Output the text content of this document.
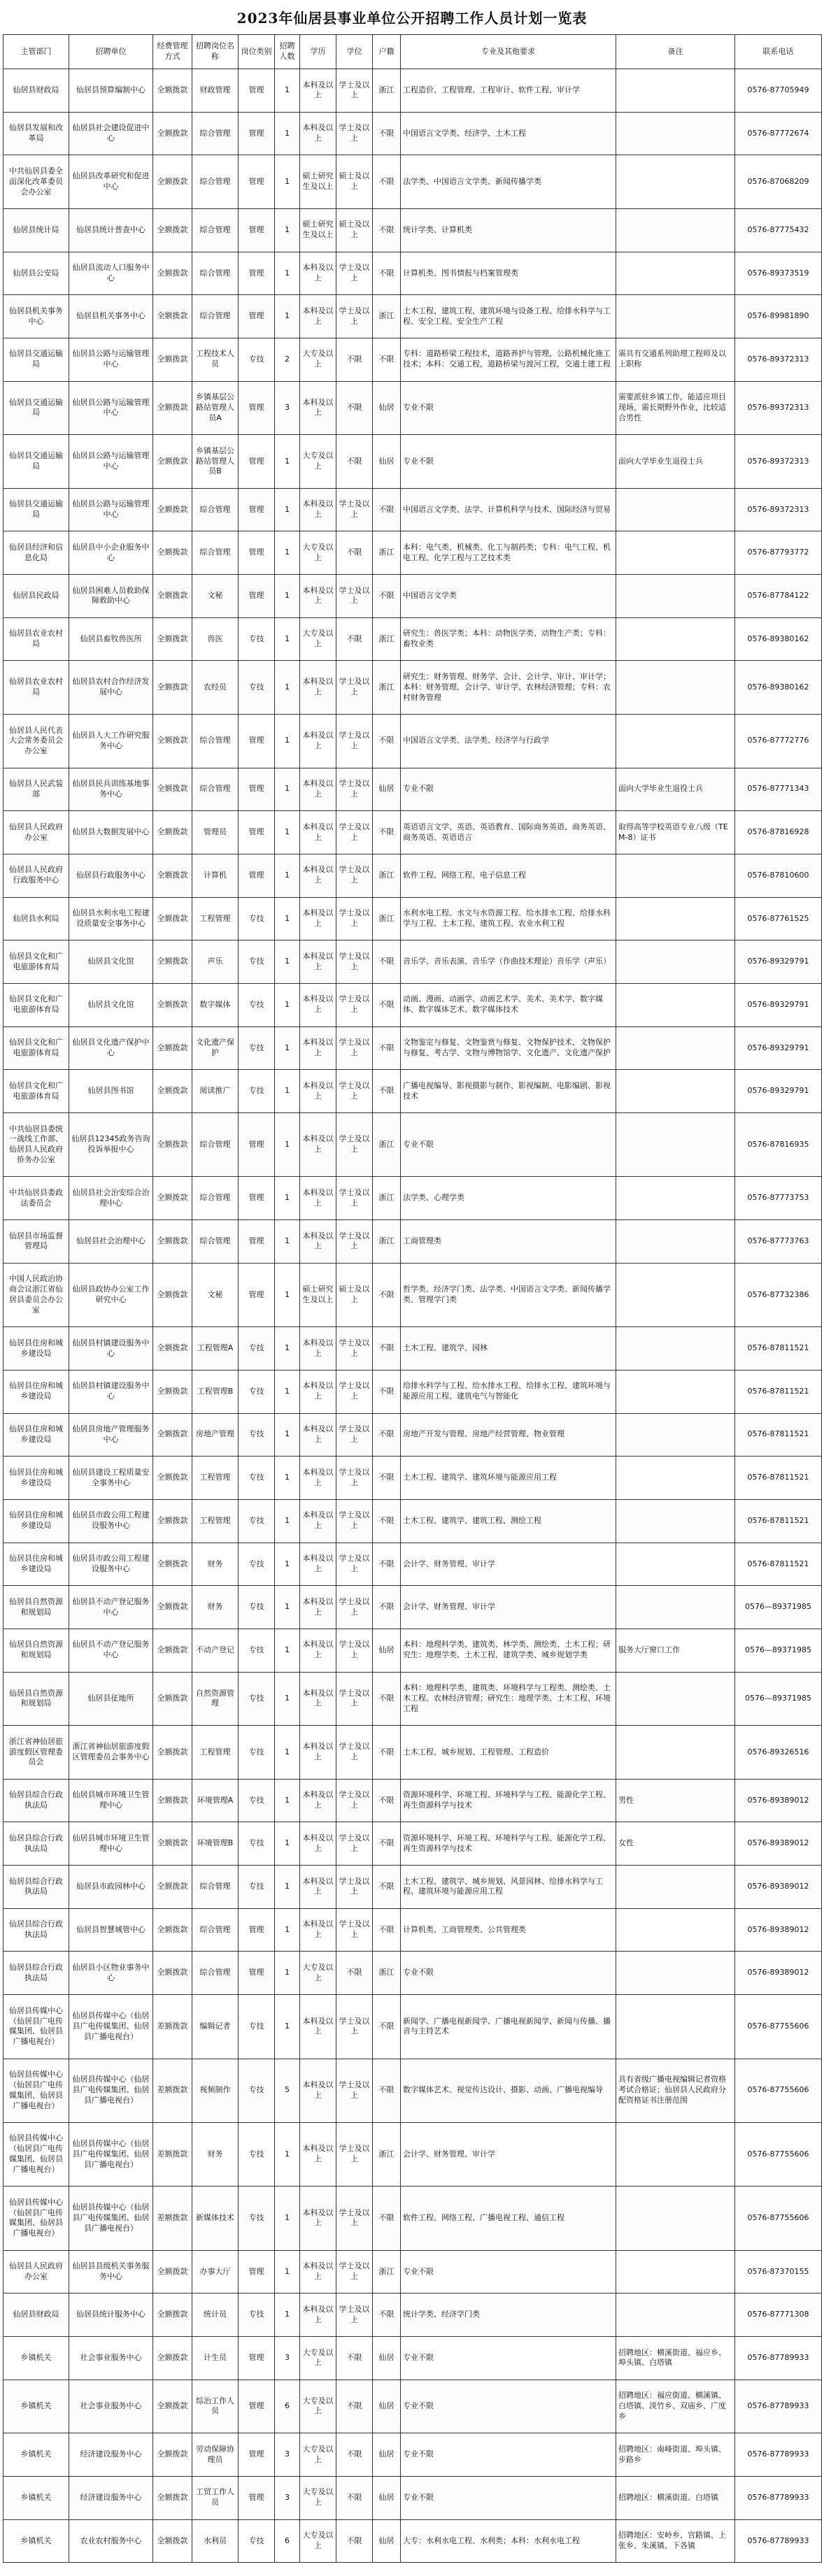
2023年仙居县事业单位公开招聘工作人员计划一览表
主管部门	招聘单位	经费管理方式	招聘岗位名称	岗位类别	招聘人数	学历	学位	户籍	专业及其他要求	备注	联系电话
仙居县财政局	仙居县预算编制中心	全额拨款	财政管理	管理	1	本科及以上	学士及以上	浙江	工程造价、工程管理、工程审计、软件工程、审计学		0576-87705949
仙居县发展和改革局	仙居县社会建设促进中心	全额拨款	综合管理	管理	1	本科及以上	学士及以上	不限	中国语言文学类、经济学、土木工程		0576-87772674
中共仙居县委全面深化改革委员会办公室	仙居县改革研究和促进中心	全额拨款	综合管理	管理	1	硕士研究生及以上	硕士及以上	不限	法学类、中国语言文学类、新闻传播学类		0576-87068209
仙居县统计局	仙居县统计普查中心	全额拨款	综合管理	管理	1	硕士研究生及以上	硕士及以上	不限	统计学类、计算机类		0576-87775432
仙居县公安局	仙居县流动人口服务中心	全额拨款	综合管理	管理	1	本科及以上	学士及以上	不限	计算机类、图书情报与档案管理类		0576-89373519
仙居县机关事务中心	仙居县机关事务中心	全额拨款	综合管理	管理	1	本科及以上	学士及以上	浙江	土木工程、建筑工程、建筑环境与设备工程、给排水科学与工程、安全工程、安全生产工程		0576-89981890
仙居县交通运输局	仙居县公路与运输管理中心	全额拨款	工程技术人员	专技	2	大专及以上	不限	不限	专科：道路桥梁工程技术，道路养护与管理，公路机械化施工技术；本科：交通工程，道路桥梁与渡河工程，交通土建工程	需具有交通系列助理工程师及以上职称	0576-89372313
仙居县交通运输局	仙居县公路与运输管理中心	全额拨款	乡镇基层公路站管理人员A	管理	3	本科及以上	不限	仙居	专业不限	需要派驻乡镇工作，能适应项目现场，需长期野外作业，比较适合男性	0576-89372313
仙居县交通运输局	仙居县公路与运输管理中心	全额拨款	乡镇基层公路站管理人员B	管理	1	大专及以上	不限	仙居	专业不限	面向大学毕业生退役士兵	0576-89372313
仙居县交通运输局	仙居县公路与运输管理中心	全额拨款	综合管理	管理	1	本科及以上	学士及以上	不限	中国语言文学类、法学、计算机科学与技术、国际经济与贸易		0576-89372313
仙居县经济和信息化局	仙居县中小企业服务中心	全额拨款	综合管理	管理	1	大专及以上	不限	浙江	本科：电气类、机械类、化工与制药类；专科：电气工程、机电工程、化学工程与工艺技术类		0576-87793772
仙居县民政局	仙居县困难人员救助保障救助中心	全额拨款	文秘	管理	1	本科及以上	学士及以上	不限	中国语言文学类		0576-87784122
仙居县农业农村局	仙居县畜牧兽医所	全额拨款	兽医	专技	1	大专及以上	不限	浙江	研究生：兽医学类；本科：动物医学类、动物生产类；专科：畜牧业类		0576-89380162
仙居县农业农村局	仙居县农村合作经济发展中心	全额拨款	农经员	专技	1	本科及以上	学士及以上	浙江	研究生：财务管理、财务学、会计、会计学、审计、审计学；本科：财务管理、会计学、审计学、农林经济管理；专科：农村财务管理		0576-89380162
仙居县人民代表大会常务委员会办公室	仙居县人大工作研究服务中心	全额拨款	综合管理	管理	1	本科及以上	学士及以上	不限	中国语言文学类、法学类、经济学与行政学		0576-87772776
仙居县人民武装部	仙居县民兵训练基地事务中心	全额拨款	综合管理	管理	1	本科及以上	学士及以上	仙居	专业不限	面向大学毕业生退役士兵	0576-87771343
仙居县人民政府办公室	仙居县大数据发展中心	全额拨款	管理员	管理	1	本科及以上	学士及以上	不限	英语语言文学、英语、英语教育、国际商务英语、商务英语、商务英语、英语语言	取得高等学校英语专业八级（TEM-8）证书	0576-87816928
仙居县人民政府行政服务中心	仙居县行政服务中心	全额拨款	计算机	管理	1	本科及以上	学士及以上	浙江	软件工程、网络工程、电子信息工程		0576-87810600
仙居县水利局	仙居县水利水电工程建设质量安全事务中心	全额拨款	工程管理	专技	1	本科及以上	学士及以上	浙江	水利水电工程、水文与水资源工程、给水排水工程、给排水科学与工程、土木工程、建筑工程、农业水利工程		0576-87761525
仙居县文化和广电旅游体育局	仙居县文化馆	全额拨款	声乐	专技	1	本科及以上	学士及以上	不限	音乐学、音乐表演、音乐学（作曲技术理论）音乐学（声乐）		0576-89329791
仙居县文化和广电旅游体育局	仙居县文化馆	全额拨款	数字媒体	专技	1	本科及以上	学士及以上	不限	动画、漫画、动画学、动画艺术学、美术、美术学、数字媒体、数字媒体艺术、数字媒体技术		0576-89329791
仙居县文化和广电旅游体育局	仙居县文化遗产保护中心	全额拨款	文化遗产保护	专技	1	本科及以上	学士及以上	不限	文物鉴定与修复、文物鉴赏与修复、文物保护技术、文物保护与修复、考古学、文物与博物馆学、文化遗产、文化遗产保护		0576-89329791
仙居县文化和广电旅游体育局	仙居县图书馆	全额拨款	阅读推广	专技	1	本科及以上	学士及以上	不限	广播电视编导、影视摄影与制作、影视编制、电影编剧、影视技术		0576-89329791
中共仙居县委统一战线工作部、仙居县人民政府侨务办公室	仙居县12345政务咨询投诉举报中心	全额拨款	综合管理	管理	1	本科及以上	学士及以上	浙江	专业不限		0576-87816935
中共仙居县委政法委员会	仙居县社会治安综合治理中心	全额拨款	综合管理	管理	1	本科及以上	学士及以上	浙江	法学类、心理学类		0576-87773753
仙居县市场监督管理局	仙居县社会治理中心	全额拨款	综合管理	管理	1	本科及以上	学士及以上	浙江	工商管理类		0576-87773763
中国人民政治协商会议浙江省仙居县委员会办公室	仙居县政协办公室工作研究中心	全额拨款	文秘	管理	1	硕士研究生及以上	硕士及以上	不限	哲学类、经济学门类、法学类、中国语言文学类、新闻传播学类、管理学门类		0576-87732386
仙居县住房和城乡建设局	仙居县村镇建设服务中心	全额拨款	工程管理A	专技	1	本科及以上	学士及以上	不限	土木工程、建筑学、园林		0576-87811521
仙居县住房和城乡建设局	仙居县村镇建设服务中心	全额拨款	工程管理B	专技	1	本科及以上	学士及以上	不限	给排水科学与工程、给水排水工程、给排水工程、建筑环境与能源应用工程、建筑电气与智能化		0576-87811521
仙居县住房和城乡建设局	仙居县房地产管理服务中心	全额拨款	房地产管理	专技	1	本科及以上	学士及以上	不限	房地产开发与管理、房地产经营管理、物业管理		0576-87811521
仙居县住房和城乡建设局	仙居县建设工程质量安全事务中心	全额拨款	工程管理	专技	1	本科及以上	学士及以上	不限	土木工程、建筑学、建筑环境与能源应用工程		0576-87811521
仙居县住房和城乡建设局	仙居县市政公用工程建设服务中心	全额拨款	工程管理	专技	1	本科及以上	学士及以上	不限	土木工程、建筑学、建筑工程、测绘工程		0576-87811521
仙居县住房和城乡建设局	仙居县市政公用工程建设服务中心	全额拨款	财务	专技	1	本科及以上	学士及以上	不限	会计学、财务管理、审计学		0576-87811521
仙居县自然资源和规划局	仙居县不动产登记服务中心	全额拨款	财务	专技	1	本科及以上	学士及以上	不限	会计学、财务管理、审计学		0576—89371985
仙居县自然资源和规划局	仙居县不动产登记服务中心	全额拨款	不动产登记	专技	1	本科及以上	学士及以上	仙居	本科：地理科学类、建筑类、林学类、测绘类、土木工程；研究生：地理学类、土木工程、建筑学类、城乡规划学类	服务大厅窗口工作	0576—89371985
仙居县自然资源和规划局	仙居县征地所	全额拨款	自然资源管理	专技	1	本科及以上	学士及以上	不限	本科：地理科学类、建筑类、环境科学与工程类、测绘类、土木工程、农林经济管理；研究生：地理学类、土木工程、环境工程		0576—89371985
浙江省神仙居旅游度假区管理委员会	浙江省神仙居旅游度假区管理委员会事务中心	全额拨款	工程管理	专技	1	本科及以上	学士及以上	不限	土木工程、城乡规划、工程管理、工程造价		0576-89326516
仙居县综合行政执法局	仙居县城市环境卫生管理中心	全额拨款	环境管理A	专技	1	本科及以上	学士及以上	不限	资源环境科学、环境工程、环境科学与工程、能源化学工程、再生资源科学与技术	男性	0576-89389012
仙居县综合行政执法局	仙居县城市环境卫生管理中心	全额拨款	环境管理B	专技	1	本科及以上	学士及以上	不限	资源环境科学、环境工程、环境科学与工程、能源化学工程、再生资源科学与技术	女性	0576-89389012
仙居县综合行政执法局	仙居县市政园林中心	全额拨款	综合管理	专技	1	本科及以上	学士及以上	不限	土木工程、建筑学、城乡规划、风景园林、给排水科学与工程、建筑环境与能源应用工程		0576-89389012
仙居县综合行政执法局	仙居县智慧城管中心	全额拨款	综合管理	管理	1	本科及以上	学士及以上	不限	计算机类、工商管理类、公共管理类		0576-89389012
仙居县综合行政执法局	仙居县小区物业事务中心	全额拨款	综合管理	管理	1	大专及以上	不限	浙江	专业不限		0576-89389012
仙居县传媒中心（仙居县广电传媒集团、仙居县广播电视台）	仙居县传媒中心（仙居县广电传媒集团、仙居县广播电视台）	差额拨款	编辑记者	专技	1	本科及以上	学士及以上	不限	新闻学、广播电视新闻学、广播电视新闻学、新闻与传播、播音与主持艺术		0576-87755606
仙居县传媒中心（仙居县广电传媒集团、仙居县广播电视台）	仙居县传媒中心（仙居县广电传媒集团、仙居县广播电视台）	差额拨款	视频制作	专技	5	本科及以上	学士及以上	不限	数字媒体艺术、视觉传达设计、摄影、动画、广播电视编导	具有省级广播电视编辑记者资格考试合格证；仙居县人民政府分配资格证书注册范围	0576-87755606
仙居县传媒中心（仙居县广电传媒集团、仙居县广播电视台）	仙居县传媒中心（仙居县广电传媒集团、仙居县广播电视台）	差额拨款	财务	专技	1	本科及以上	学士及以上	浙江	会计学、财务管理、审计学		0576-87755606
仙居县传媒中心（仙居县广电传媒集团、仙居县广播电视台）	仙居县传媒中心（仙居县广电传媒集团、仙居县广播电视台）	差额拨款	新媒体技术	专技	1	本科及以上	学士及以上	不限	软件工程、网络工程、广播电视工程、通信工程		0576-87755606
仙居县人民政府办公室	仙居县县级机关事务服务中心	全额拨款	办事大厅	管理	1	本科及以上	学士及以上	浙江	专业不限		0576-87370155
仙居县财政局	仙居县统计服务中心	全额拨款	统计员	专技	1	本科及以上	学士及以上	不限	统计学类、经济学门类		0576-87771308
乡镇机关	社会事业服务中心	全额拨款	计生员	管理	3	大专及以上	不限	仙居	专业不限	招聘地区：横溪街道、福应乡、埠头镇、白塔镇	0576-87789933
乡镇机关	社会事业服务中心	全额拨款	综治工作人员	管理	6	大专及以上	不限	仙居	专业不限	招聘地区：福应街道、横溪镇、白塔镇、淡竹乡、双庙乡、广度乡	0576-87789933
乡镇机关	经济建设服务中心	全额拨款	劳动保障协理员	管理	3	大专及以上	不限	仙居	专业不限	招聘地区：南峰街道、埠头镇、步路乡	0576-87789933
乡镇机关	经济建设服务中心	全额拨款	工贸工作人员	管理	3	大专及以上	不限	仙居	专业不限	招聘地区：横溪街道、白塔镇	0576-87789933
乡镇机关	农业农村服务中心	全额拨款	水利员	专技	6	大专及以上	不限	仙居	大专：水利水电工程、水利类；本科：水利水电工程	招聘地区：安岭乡、官路镇、上张乡、朱溪镇、下各镇	0576-87789933
